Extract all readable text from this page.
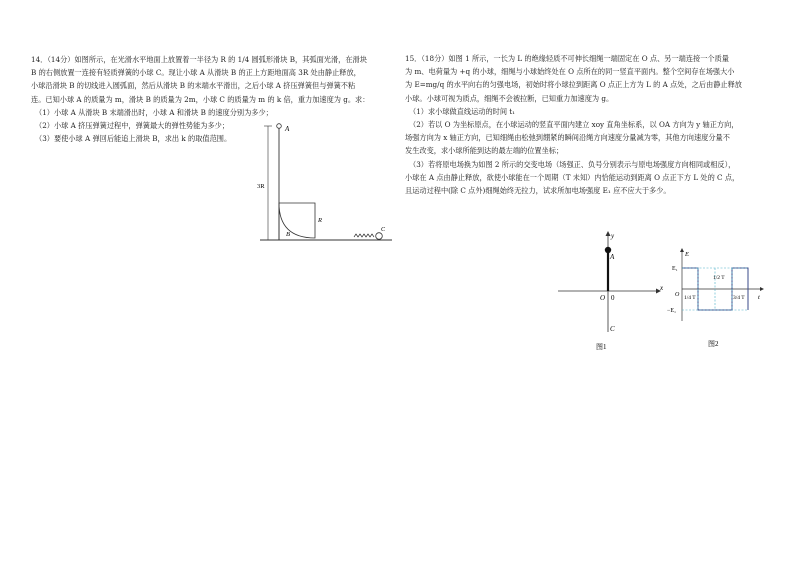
14．（14分）如图所示，在光滑水平地面上放置着一半径为 R 的 1/4 圆弧形滑块 B，其弧面光滑，在滑块

B 的右侧放置一连接有轻质弹簧的小球 C。现让小球 A 从滑块 B 的正上方距地面高 3R 处由静止释放，

小球沿滑块 B 的切线进入圆弧面，然后从滑块 B 的末端水平滑出，之后小球 A 挤压弹簧但与弹簧不粘

连。已知小球 A 的质量为 m，滑块 B 的质量为 2m，小球 C 的质量为 m 的 k 倍，重力加速度为 g。求：

（1）小球 A 从滑块 B 末端滑出时，小球 A 和滑块 B 的速度分别为多少；

（2）小球 A 挤压弹簧过程中，弹簧最大的弹性势能为多少；

（3）要使小球 A 弹回后能追上滑块 B，求出 k 的取值范围。

A
3R
B
R
C

15．（18分）如图 1 所示，一长为 L 的绝缘轻质不可伸长细绳一端固定在 O 点、另一端连接一个质量

为 m、电荷量为 +q 的小球，细绳与小球始终处在 O 点所在的同一竖直平面内。整个空间存在场强大小

为 E=mg/q 的水平向右的匀强电场，初始时将小球拉到距离 O 点正上方为 L 的 A 点处，之后由静止释放

小球。小球可视为质点，细绳不会被拉断，已知重力加速度为 g。

（1）求小球做直线运动的时间 t₁

（2）若以 O 为坐标原点，在小球运动的竖直平面内建立 xoy 直角坐标系，以 OA 方向为 y 轴正方向，

场强方向为 x 轴正方向，已知细绳由松弛到绷紧的瞬间沿绳方向速度分量减为零，其他方向速度分量不

发生改变，求小球所能到达的最左端的位置坐标；

（3）若将原电场换为如图 2 所示的交变电场（场强正、负号分别表示与原电场强度方向相同或相反），

小球在 A 点由静止释放，欲使小球能在一个周期（T 未知）内恰能运动到距离 O 点正下方 L 处的 C 点，

且运动过程中(除 C 点外)细绳始终无拉力，试求所加电场强度 E₁ 应不应大于多少。

y
x
A
O 0
C
图1
E
E₁
−E₁
O	t
1/4 T
1/2 T
3/4 T
图2
